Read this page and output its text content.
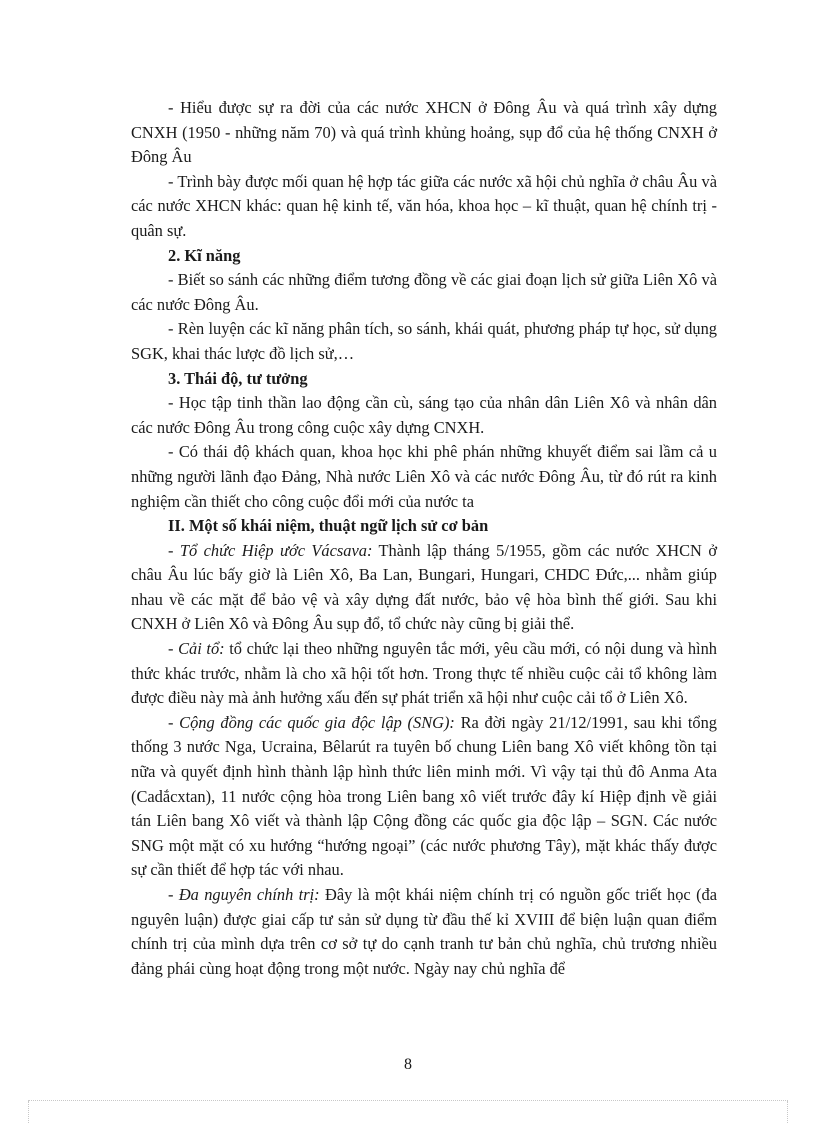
- Hiểu được sự ra đời của các nước XHCN ở Đông Âu và quá trình xây dựng CNXH (1950 - những năm 70) và quá trình khủng hoảng, sụp đổ của hệ thống CNXH ở Đông Âu

- Trình bày được mối quan hệ hợp tác giữa các nước xã hội chủ nghĩa ở châu Âu và các nước XHCN khác: quan hệ kinh tế, văn hóa, khoa học – kĩ thuật, quan hệ chính trị - quân sự.

2. Kĩ năng

- Biết so sánh các những điểm tương đồng về các giai đoạn lịch sử giữa Liên Xô và các nước Đông Âu.

- Rèn luyện các kĩ năng phân tích, so sánh, khái quát, phương pháp tự học, sử dụng SGK, khai thác lược đồ lịch sử,…

3. Thái độ, tư tưởng

- Học tập tinh thần lao động cần cù, sáng tạo của nhân dân Liên Xô và nhân dân các nước Đông Âu trong công cuộc xây dựng CNXH.

- Có thái độ khách quan, khoa học khi phê phán những khuyết điểm sai lầm cả u những người lãnh đạo Đảng, Nhà nước Liên Xô và các nước Đông Âu, từ đó rút ra kinh nghiệm cần thiết cho công cuộc đổi mới của nước ta

II. Một số khái niệm, thuật ngữ lịch sử cơ bản

- Tổ chức Hiệp ước Vácsava: Thành lập tháng 5/1955, gồm các nước XHCN ở châu Âu lúc bấy giờ là Liên Xô, Ba Lan, Bungari, Hungari, CHDC Đức,... nhằm giúp nhau về các mặt để bảo vệ và xây dựng đất nước, bảo vệ hòa bình thế giới. Sau khi CNXH ở Liên Xô và Đông Âu sụp đổ, tổ chức này cũng bị giải thể.

- Cải tổ: tổ chức lại theo những nguyên tắc mới, yêu cầu mới, có nội dung và hình thức khác trước, nhằm là cho xã hội tốt hơn. Trong thực tế nhiều cuộc cải tổ không làm được điều này mà ảnh hưởng xấu đến sự phát triển xã hội như cuộc cải tổ ở Liên Xô.

- Cộng đồng các quốc gia độc lập (SNG): Ra đời ngày 21/12/1991, sau khi tổng thống 3 nước Nga, Ucraina, Bêlarút ra tuyên bố chung Liên bang Xô viết không tồn tại nữa và quyết định hình thành lập hình thức liên minh mới. Vì vậy tại thủ đô Anma Ata (Cadắcxtan), 11 nước cộng hòa trong Liên bang xô viết trước đây kí Hiệp định về giải tán Liên bang Xô viết và thành lập Cộng đồng các quốc gia độc lập – SGN. Các nước SNG một mặt có xu hướng “hướng ngoại” (các nước phương Tây), mặt khác thấy được sự cần thiết để hợp tác với nhau.

- Đa nguyên chính trị: Đây là một khái niệm chính trị có nguồn gốc triết học (đa nguyên luận) được giai cấp tư sản sử dụng từ đầu thế kỉ XVIII để biện luận quan điểm chính trị của mình dựa trên cơ sở tự do cạnh tranh tư bản chủ nghĩa, chủ trương nhiều đảng phái cùng hoạt động trong một nước. Ngày nay chủ nghĩa để

8
